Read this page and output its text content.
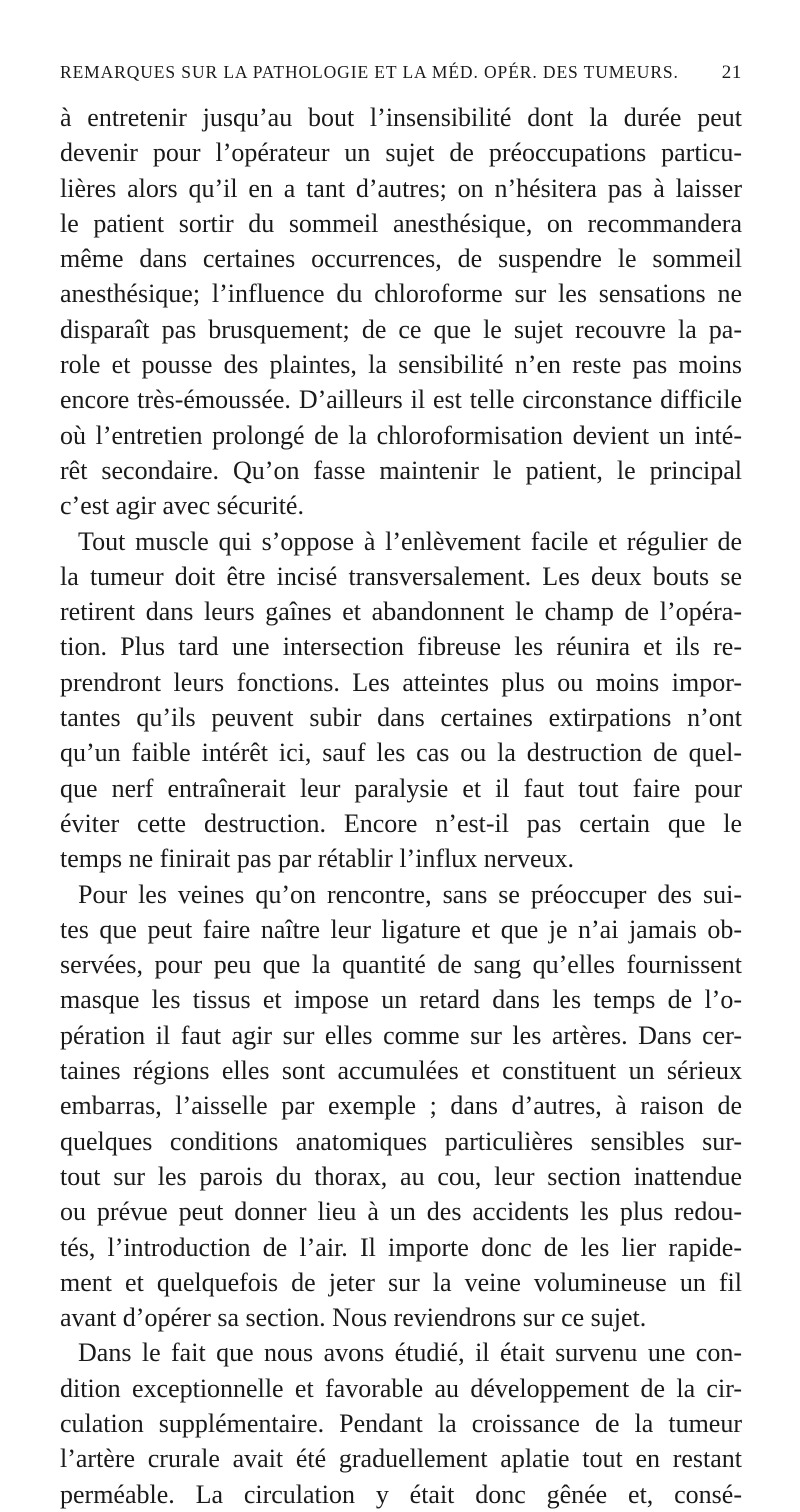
REMARQUES SUR LA PATHOLOGIE ET LA MÉD. OPÉR. DES TUMEURS. 21
à entretenir jusqu’au bout l’insensibilité dont la durée peut
devenir pour l’opérateur un sujet de préoccupations particu-
lières alors qu’il en a tant d’autres; on n’hésitera pas à laisser
le patient sortir du sommeil anesthésique, on recommandera
même dans certaines occurrences, de suspendre le sommeil
anesthésique; l’influence du chloroforme sur les sensations ne
disparaît pas brusquement; de ce que le sujet recouvre la pa-
role et pousse des plaintes, la sensibilité n’en reste pas moins
encore très-émoussée. D’ailleurs il est telle circonstance difficile
où l’entretien prolongé de la chloroformisation devient un inté-
rêt secondaire. Qu’on fasse maintenir le patient, le principal
c’est agir avec sécurité.
Tout muscle qui s’oppose à l’enlèvement facile et régulier de
la tumeur doit être incisé transversalement. Les deux bouts se
retirent dans leurs gaînes et abandonnent le champ de l’opéra-
tion. Plus tard une intersection fibreuse les réunira et ils re-
prendront leurs fonctions. Les atteintes plus ou moins impor-
tantes qu’ils peuvent subir dans certaines extirpations n’ont
qu’un faible intérêt ici, sauf les cas ou la destruction de quel-
que nerf entraînerait leur paralysie et il faut tout faire pour
éviter cette destruction. Encore n’est-il pas certain que le
temps ne finirait pas par rétablir l’influx nerveux.
Pour les veines qu’on rencontre, sans se préoccuper des sui-
tes que peut faire naître leur ligature et que je n’ai jamais ob-
servées, pour peu que la quantité de sang qu’elles fournissent
masque les tissus et impose un retard dans les temps de l’o-
pération il faut agir sur elles comme sur les artères. Dans cer-
taines régions elles sont accumulées et constituent un sérieux
embarras, l’aisselle par exemple ; dans d’autres, à raison de
quelques conditions anatomiques particulières sensibles sur-
tout sur les parois du thorax, au cou, leur section inattendue
ou prévue peut donner lieu à un des accidents les plus redou-
tés, l’introduction de l’air. Il importe donc de les lier rapide-
ment et quelquefois de jeter sur la veine volumineuse un fil
avant d’opérer sa section. Nous reviendrons sur ce sujet.
Dans le fait que nous avons étudié, il était survenu une con-
dition exceptionnelle et favorable au développement de la cir-
culation supplémentaire. Pendant la croissance de la tumeur
l’artère crurale avait été graduellement aplatie tout en restant
perméable. La circulation y était donc gênée et, consé-
